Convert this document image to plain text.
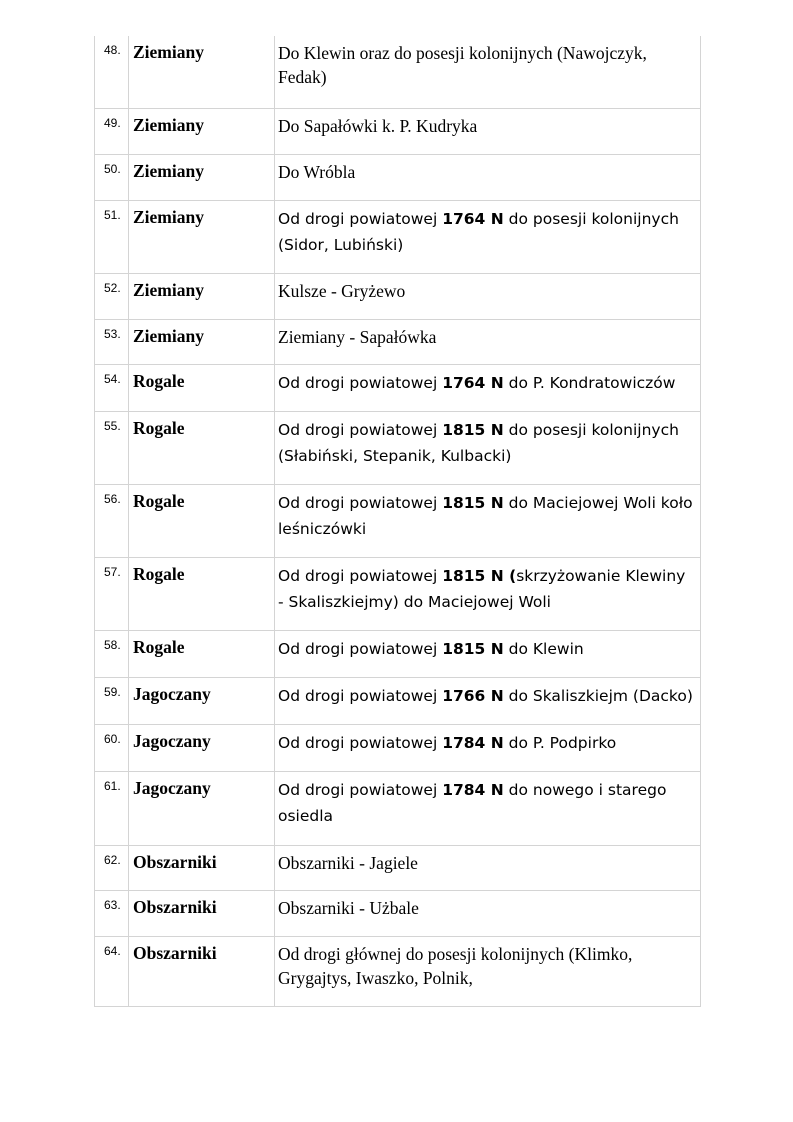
48.	Ziemiany	Do Klewin oraz do posesji kolonijnych (Nawojczyk, Fedak)
49.	Ziemiany	Do Sapałówki k. P. Kudryka
50.	Ziemiany	Do Wróbla
51.	Ziemiany	Od drogi powiatowej 1764 N do posesji kolonijnych (Sidor, Lubiński)
52.	Ziemiany	Kulsze - Gryżewo
53.	Ziemiany	Ziemiany - Sapałówka
54.	Rogale	Od drogi powiatowej 1764 N do P. Kondratowiczów
55.	Rogale	Od drogi powiatowej 1815 N do posesji kolonijnych (Słabiński, Stepanik, Kulbacki)
56.	Rogale	Od drogi powiatowej 1815 N do Maciejowej Woli koło leśniczówki
57.	Rogale	Od drogi powiatowej 1815 N (skrzyżowanie Klewiny - Skaliszkiejmy) do Maciejowej Woli
58.	Rogale	Od drogi powiatowej 1815 N do Klewin
59.	Jagoczany	Od drogi powiatowej 1766 N do Skaliszkiejm (Dacko)
60.	Jagoczany	Od drogi powiatowej 1784 N do P. Podpirko
61.	Jagoczany	Od drogi powiatowej 1784 N do nowego i starego osiedla
62.	Obszarniki	Obszarniki - Jagiele
63.	Obszarniki	Obszarniki - Użbale
64.	Obszarniki	Od drogi głównej do posesji kolonijnych (Klimko, Grygajtys, Iwaszko, Polnik,
